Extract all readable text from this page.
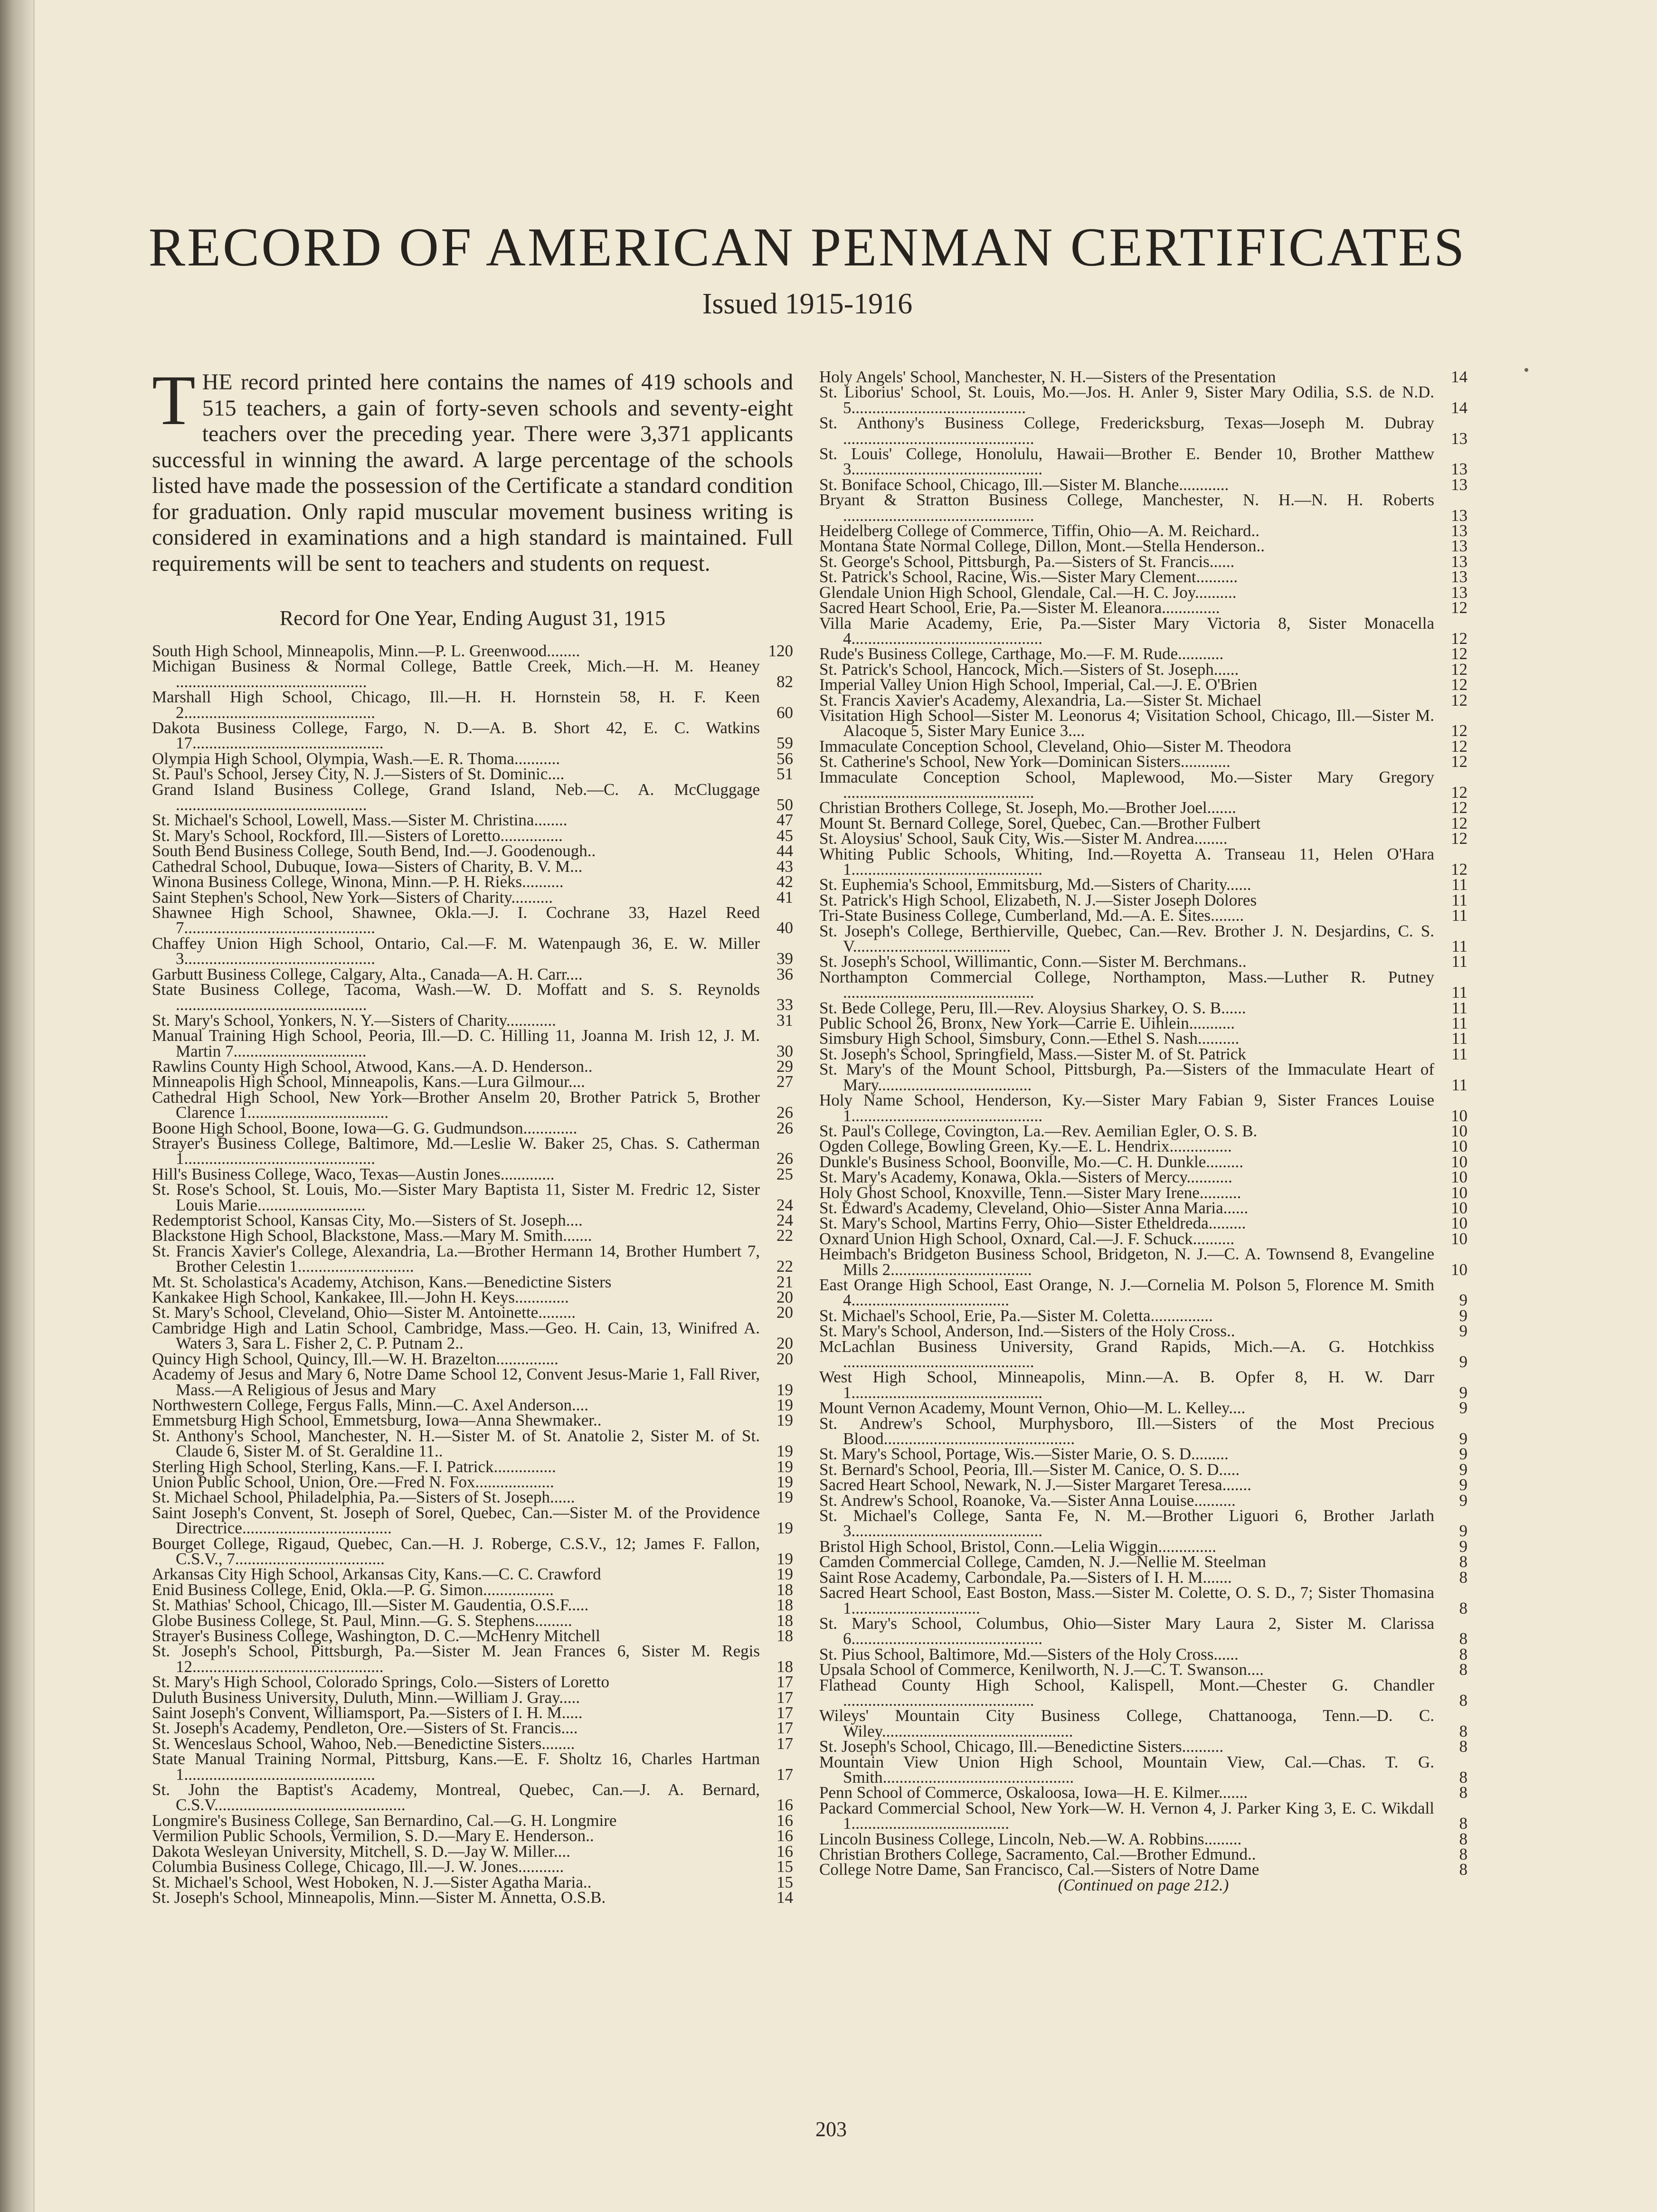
RECORD OF AMERICAN PENMAN CERTIFICATES
Issued 1915-1916

THE record printed here contains the names of 419 schools and 515 teachers, a gain of forty-seven schools and seventy-eight teachers over the preceding year. There were 3,371 applicants successful in winning the award. A large percentage of the schools listed have made the possession of the Certificate a standard condition for graduation. Only rapid muscular movement business writing is considered in examinations and a high standard is maintained. Full requirements will be sent to teachers and students on request.

Record for One Year, Ending August 31, 1915
South High School, Minneapolis, Minn.—P. L. Greenwood........	120
Michigan Business & Normal College, Battle Creek, Mich.—H. M. Heaney ..............................................	82
Marshall High School, Chicago, Ill.—H. H. Hornstein 58, H. F. Keen 2..............................................	60
Dakota Business College, Fargo, N. D.—A. B. Short 42, E. C. Watkins 17..............................................	59
Olympia High School, Olympia, Wash.—E. R. Thoma...........	56
St. Paul's School, Jersey City, N. J.—Sisters of St. Dominic....	51
Grand Island Business College, Grand Island, Neb.—C. A. McCluggage ..............................................	50
St. Michael's School, Lowell, Mass.—Sister M. Christina........	47
St. Mary's School, Rockford, Ill.—Sisters of Loretto...............	45
South Bend Business College, South Bend, Ind.—J. Goodenough..	44
Cathedral School, Dubuque, Iowa—Sisters of Charity, B. V. M...	43
Winona Business College, Winona, Minn.—P. H. Rieks..........	42
Saint Stephen's School, New York—Sisters of Charity..........	41
Shawnee High School, Shawnee, Okla.—J. I. Cochrane 33, Hazel Reed 7..............................................	40
Chaffey Union High School, Ontario, Cal.—F. M. Watenpaugh 36, E. W. Miller 3..............................................	39
Garbutt Business College, Calgary, Alta., Canada—A. H. Carr....	36
State Business College, Tacoma, Wash.—W. D. Moffatt and S. S. Reynolds ..............................................	33
St. Mary's School, Yonkers, N. Y.—Sisters of Charity............	31
Manual Training High School, Peoria, Ill.—D. C. Hilling 11, Joanna M. Irish 12, J. M. Martin 7................................	30
Rawlins County High School, Atwood, Kans.—A. D. Henderson..	29
Minneapolis High School, Minneapolis, Kans.—Lura Gilmour....	27
Cathedral High School, New York—Brother Anselm 20, Brother Patrick 5, Brother Clarence 1..................................	26
Boone High School, Boone, Iowa—G. G. Gudmundson.............	26
Strayer's Business College, Baltimore, Md.—Leslie W. Baker 25, Chas. S. Catherman 1..............................................	26
Hill's Business College, Waco, Texas—Austin Jones.............	25
St. Rose's School, St. Louis, Mo.—Sister Mary Baptista 11, Sister M. Fredric 12, Sister Louis Marie..........................	24
Redemptorist School, Kansas City, Mo.—Sisters of St. Joseph....	24
Blackstone High School, Blackstone, Mass.—Mary M. Smith.......	22
St. Francis Xavier's College, Alexandria, La.—Brother Hermann 14, Brother Humbert 7, Brother Celestin 1............................	22
Mt. St. Scholastica's Academy, Atchison, Kans.—Benedictine Sisters	21
Kankakee High School, Kankakee, Ill.—John H. Keys.............	20
St. Mary's School, Cleveland, Ohio—Sister M. Antoinette.........	20
Cambridge High and Latin School, Cambridge, Mass.—Geo. H. Cain, 13, Winifred A. Waters 3, Sara L. Fisher 2, C. P. Putnam 2..	20
Quincy High School, Quincy, Ill.—W. H. Brazelton...............	20
Academy of Jesus and Mary 6, Notre Dame School 12, Convent Jesus-Marie 1, Fall River, Mass.—A Religious of Jesus and Mary	19
Northwestern College, Fergus Falls, Minn.—C. Axel Anderson....	19
Emmetsburg High School, Emmetsburg, Iowa—Anna Shewmaker..	19
St. Anthony's School, Manchester, N. H.—Sister M. of St. Anatolie 2, Sister M. of St. Claude 6, Sister M. of St. Geraldine 11..	19
Sterling High School, Sterling, Kans.—F. I. Patrick...............	19
Union Public School, Union, Ore.—Fred N. Fox...................	19
St. Michael School, Philadelphia, Pa.—Sisters of St. Joseph......	19
Saint Joseph's Convent, St. Joseph of Sorel, Quebec, Can.—Sister M. of the Providence Directrice....................................	19
Bourget College, Rigaud, Quebec, Can.—H. J. Roberge, C.S.V., 12; James F. Fallon, C.S.V., 7....................................	19
Arkansas City High School, Arkansas City, Kans.—C. C. Crawford	19
Enid Business College, Enid, Okla.—P. G. Simon.................	18
St. Mathias' School, Chicago, Ill.—Sister M. Gaudentia, O.S.F.....	18
Globe Business College, St. Paul, Minn.—G. S. Stephens.........	18
Strayer's Business College, Washington, D. C.—McHenry Mitchell	18
St. Joseph's School, Pittsburgh, Pa.—Sister M. Jean Frances 6, Sister M. Regis 12..............................................	18
St. Mary's High School, Colorado Springs, Colo.—Sisters of Loretto	17
Duluth Business University, Duluth, Minn.—William J. Gray.....	17
Saint Joseph's Convent, Williamsport, Pa.—Sisters of I. H. M.....	17
St. Joseph's Academy, Pendleton, Ore.—Sisters of St. Francis....	17
St. Wenceslaus School, Wahoo, Neb.—Benedictine Sisters........	17
State Manual Training Normal, Pittsburg, Kans.—E. F. Sholtz 16, Charles Hartman 1..............................................	17
St. John the Baptist's Academy, Montreal, Quebec, Can.—J. A. Bernard, C.S.V..............................................	16
Longmire's Business College, San Bernardino, Cal.—G. H. Longmire	16
Vermilion Public Schools, Vermilion, S. D.—Mary E. Henderson..	16
Dakota Wesleyan University, Mitchell, S. D.—Jay W. Miller....	16
Columbia Business College, Chicago, Ill.—J. W. Jones...........	15
St. Michael's School, West Hoboken, N. J.—Sister Agatha Maria..	15
St. Joseph's School, Minneapolis, Minn.—Sister M. Annetta, O.S.B.	14
Holy Angels' School, Manchester, N. H.—Sisters of the Presentation	14
St. Liborius' School, St. Louis, Mo.—Jos. H. Anler 9, Sister Mary Odilia, S.S. de N.D. 5..........................................	14
St. Anthony's Business College, Fredericksburg, Texas—Joseph M. Dubray ..............................................	13
St. Louis' College, Honolulu, Hawaii—Brother E. Bender 10, Brother Matthew 3..............................................	13
St. Boniface School, Chicago, Ill.—Sister M. Blanche............	13
Bryant & Stratton Business College, Manchester, N. H.—N. H. Roberts ..............................................	13
Heidelberg College of Commerce, Tiffin, Ohio—A. M. Reichard..	13
Montana State Normal College, Dillon, Mont.—Stella Henderson..	13
St. George's School, Pittsburgh, Pa.—Sisters of St. Francis......	13
St. Patrick's School, Racine, Wis.—Sister Mary Clement..........	13
Glendale Union High School, Glendale, Cal.—H. C. Joy..........	13
Sacred Heart School, Erie, Pa.—Sister M. Eleanora..............	12
Villa Marie Academy, Erie, Pa.—Sister Mary Victoria 8, Sister Monacella 4..............................................	12
Rude's Business College, Carthage, Mo.—F. M. Rude...........	12
St. Patrick's School, Hancock, Mich.—Sisters of St. Joseph......	12
Imperial Valley Union High School, Imperial, Cal.—J. E. O'Brien	12
St. Francis Xavier's Academy, Alexandria, La.—Sister St. Michael	12
Visitation High School—Sister M. Leonorus 4; Visitation School, Chicago, Ill.—Sister M. Alacoque 5, Sister Mary Eunice 3....	12
Immaculate Conception School, Cleveland, Ohio—Sister M. Theodora	12
St. Catherine's School, New York—Dominican Sisters............	12
Immaculate Conception School, Maplewood, Mo.—Sister Mary Gregory ..............................................	12
Christian Brothers College, St. Joseph, Mo.—Brother Joel.......	12
Mount St. Bernard College, Sorel, Quebec, Can.—Brother Fulbert	12
St. Aloysius' School, Sauk City, Wis.—Sister M. Andrea........	12
Whiting Public Schools, Whiting, Ind.—Royetta A. Transeau 11, Helen O'Hara 1..............................................	12
St. Euphemia's School, Emmitsburg, Md.—Sisters of Charity......	11
St. Patrick's High School, Elizabeth, N. J.—Sister Joseph Dolores	11
Tri-State Business College, Cumberland, Md.—A. E. Sites........	11
St. Joseph's College, Berthierville, Quebec, Can.—Rev. Brother J. N. Desjardins, C. S. V......................................	11
St. Joseph's School, Willimantic, Conn.—Sister M. Berchmans..	11
Northampton Commercial College, Northampton, Mass.—Luther R. Putney ..............................................	11
St. Bede College, Peru, Ill.—Rev. Aloysius Sharkey, O. S. B......	11
Public School 26, Bronx, New York—Carrie E. Uihlein...........	11
Simsbury High School, Simsbury, Conn.—Ethel S. Nash..........	11
St. Joseph's School, Springfield, Mass.—Sister M. of St. Patrick	11
St. Mary's of the Mount School, Pittsburgh, Pa.—Sisters of the Immaculate Heart of Mary.....................................	11
Holy Name School, Henderson, Ky.—Sister Mary Fabian 9, Sister Frances Louise 1..............................................	10
St. Paul's College, Covington, La.—Rev. Aemilian Egler, O. S. B.	10
Ogden College, Bowling Green, Ky.—E. L. Hendrix...............	10
Dunkle's Business School, Boonville, Mo.—C. H. Dunkle.........	10
St. Mary's Academy, Konawa, Okla.—Sisters of Mercy...........	10
Holy Ghost School, Knoxville, Tenn.—Sister Mary Irene..........	10
St. Edward's Academy, Cleveland, Ohio—Sister Anna Maria......	10
St. Mary's School, Martins Ferry, Ohio—Sister Etheldreda.........	10
Oxnard Union High School, Oxnard, Cal.—J. F. Schuck..........	10
Heimbach's Bridgeton Business School, Bridgeton, N. J.—C. A. Townsend 8, Evangeline Mills 2..................................	10
East Orange High School, East Orange, N. J.—Cornelia M. Polson 5, Florence M. Smith 4......................................	9
St. Michael's School, Erie, Pa.—Sister M. Coletta...............	9
St. Mary's School, Anderson, Ind.—Sisters of the Holy Cross..	9
McLachlan Business University, Grand Rapids, Mich.—A. G. Hotchkiss ..............................................	9
West High School, Minneapolis, Minn.—A. B. Opfer 8, H. W. Darr 1..............................................	9
Mount Vernon Academy, Mount Vernon, Ohio—M. L. Kelley....	9
St. Andrew's School, Murphysboro, Ill.—Sisters of the Most Precious Blood..............................................	9
St. Mary's School, Portage, Wis.—Sister Marie, O. S. D.........	9
St. Bernard's School, Peoria, Ill.—Sister M. Canice, O. S. D.....	9
Sacred Heart School, Newark, N. J.—Sister Margaret Teresa.......	9
St. Andrew's School, Roanoke, Va.—Sister Anna Louise..........	9
St. Michael's College, Santa Fe, N. M.—Brother Liguori 6, Brother Jarlath 3..............................................	9
Bristol High School, Bristol, Conn.—Lelia Wiggin..............	9
Camden Commercial College, Camden, N. J.—Nellie M. Steelman	8
Saint Rose Academy, Carbondale, Pa.—Sisters of I. H. M.......	8
Sacred Heart School, East Boston, Mass.—Sister M. Colette, O. S. D., 7; Sister Thomasina 1...............................	8
St. Mary's School, Columbus, Ohio—Sister Mary Laura 2, Sister M. Clarissa 6..............................................	8
St. Pius School, Baltimore, Md.—Sisters of the Holy Cross......	8
Upsala School of Commerce, Kenilworth, N. J.—C. T. Swanson....	8
Flathead County High School, Kalispell, Mont.—Chester G. Chandler ..............................................	8
Wileys' Mountain City Business College, Chattanooga, Tenn.—D. C. Wiley..............................................	8
St. Joseph's School, Chicago, Ill.—Benedictine Sisters..........	8
Mountain View Union High School, Mountain View, Cal.—Chas. T. G. Smith..............................................	8
Penn School of Commerce, Oskaloosa, Iowa—H. E. Kilmer.......	8
Packard Commercial School, New York—W. H. Vernon 4, J. Parker King 3, E. C. Wikdall 1......................................	8
Lincoln Business College, Lincoln, Neb.—W. A. Robbins.........	8
Christian Brothers College, Sacramento, Cal.—Brother Edmund..	8
College Notre Dame, San Francisco, Cal.—Sisters of Notre Dame	8
(Continued on page 212.)
203
